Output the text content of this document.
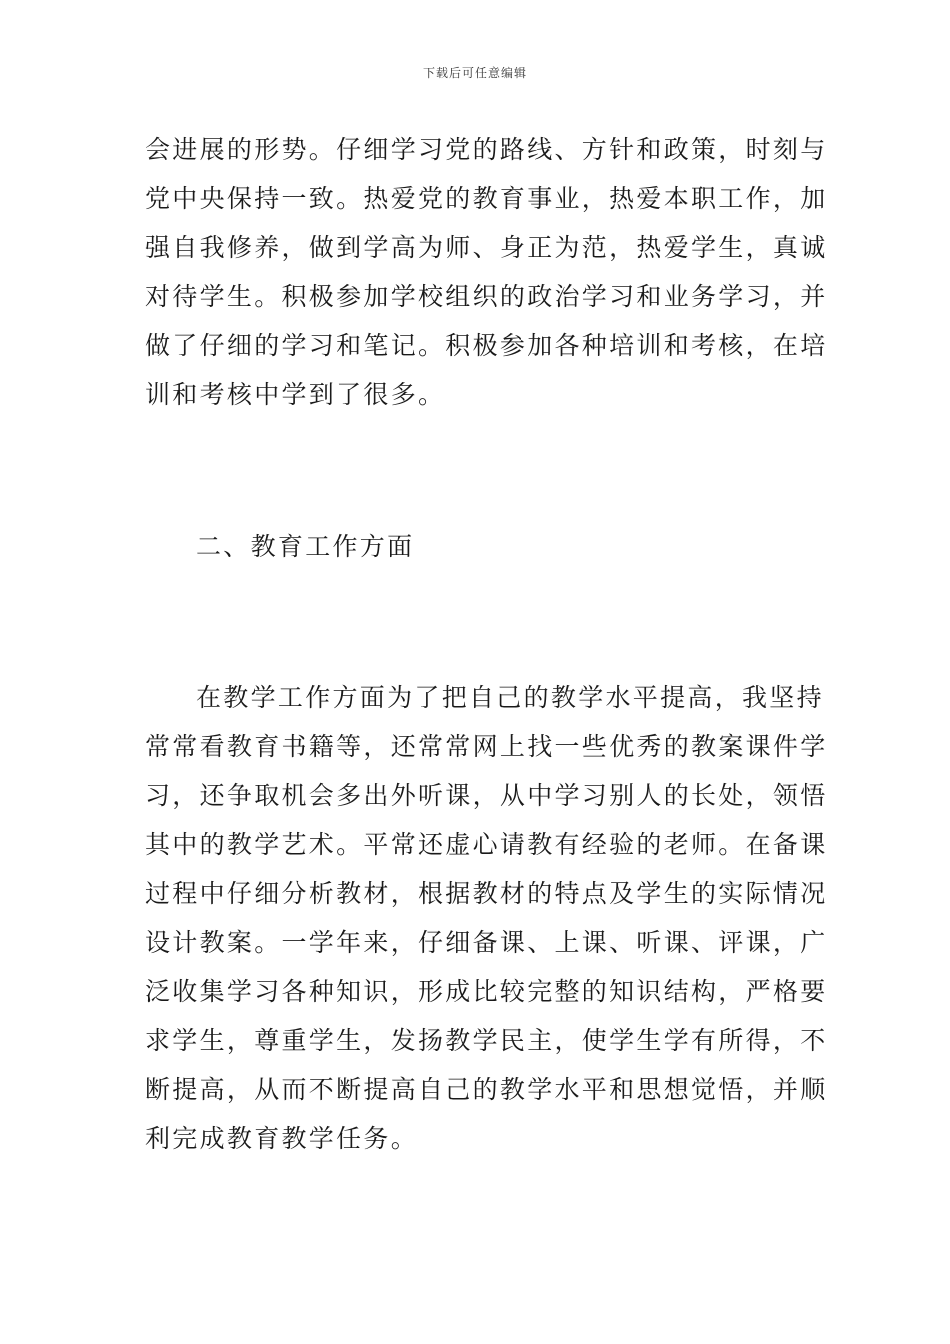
下载后可任意编辑
会进展的形势。仔细学习党的路线、方针和政策，时刻与
党中央保持一致。热爱党的教育事业，热爱本职工作，加
强自我修养，做到学高为师、身正为范，热爱学生，真诚
对待学生。积极参加学校组织的政治学习和业务学习，并
做了仔细的学习和笔记。积极参加各种培训和考核，在培
训和考核中学到了很多。
二、教育工作方面
在教学工作方面为了把自己的教学水平提高，我坚持
常常看教育书籍等，还常常网上找一些优秀的教案课件学
习，还争取机会多出外听课，从中学习别人的长处，领悟
其中的教学艺术。平常还虚心请教有经验的老师。在备课
过程中仔细分析教材，根据教材的特点及学生的实际情况
设计教案。一学年来，仔细备课、上课、听课、评课，广
泛收集学习各种知识，形成比较完整的知识结构，严格要
求学生，尊重学生，发扬教学民主，使学生学有所得，不
断提高，从而不断提高自己的教学水平和思想觉悟，并顺
利完成教育教学任务。
